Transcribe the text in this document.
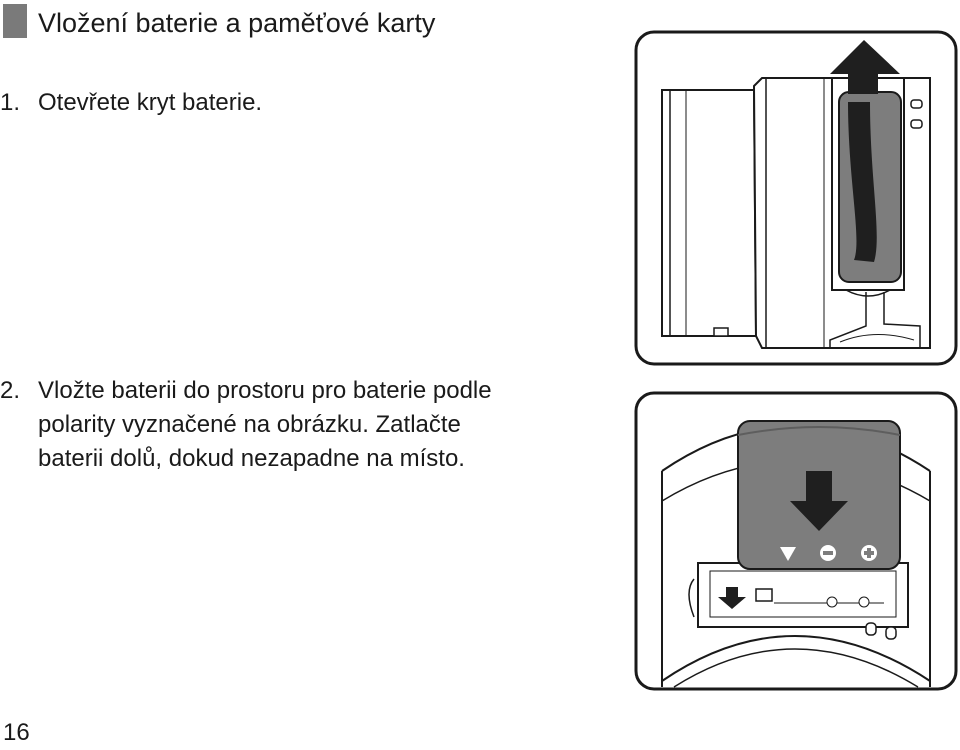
Vložení baterie a paměťové karty
1. Otevřete kryt baterie.
2. Vložte baterii do prostoru pro baterie podle
polarity vyznačené na obrázku. Zatlačte
baterii dolů, dokud nezapadne na místo.
16
